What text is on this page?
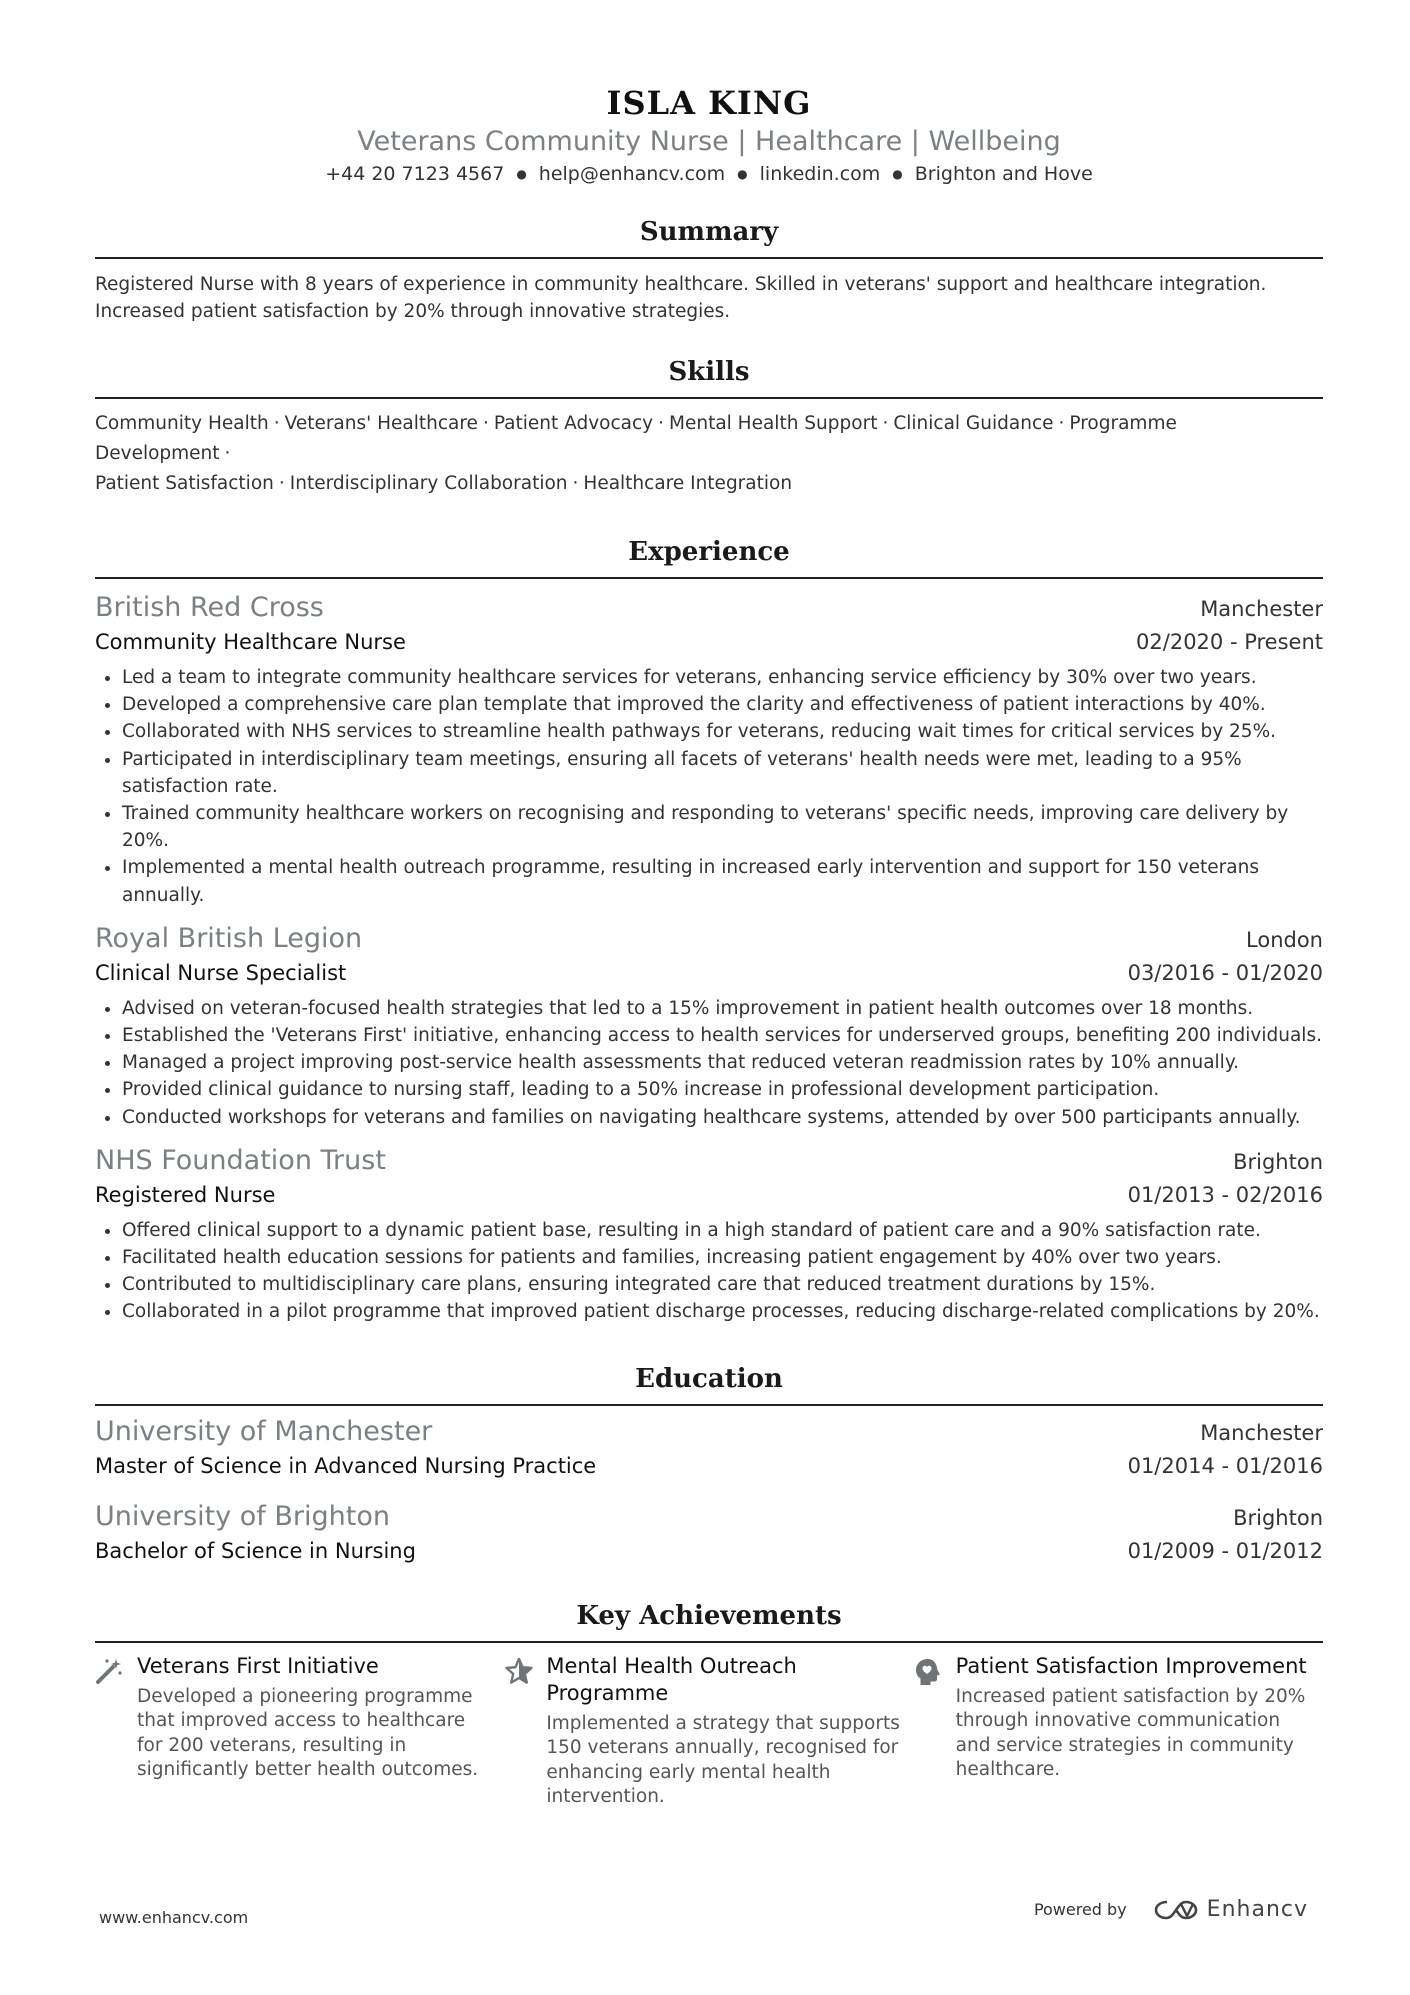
ISLA KING
Veterans Community Nurse | Healthcare | Wellbeing
+44 20 7123 4567 ● help@enhancv.com ● linkedin.com ● Brighton and Hove
Summary
Registered Nurse with 8 years of experience in community healthcare. Skilled in veterans' support and healthcare integration. Increased patient satisfaction by 20% through innovative strategies.
Skills
Community Health · Veterans' Healthcare · Patient Advocacy · Mental Health Support · Clinical Guidance · Programme Development ·
Patient Satisfaction · Interdisciplinary Collaboration · Healthcare Integration
Experience
British Red Cross	Manchester
Community Healthcare Nurse	02/2020 - Present
• Led a team to integrate community healthcare services for veterans, enhancing service efficiency by 30% over two years.
• Developed a comprehensive care plan template that improved the clarity and effectiveness of patient interactions by 40%.
• Collaborated with NHS services to streamline health pathways for veterans, reducing wait times for critical services by 25%.
• Participated in interdisciplinary team meetings, ensuring all facets of veterans' health needs were met, leading to a 95% satisfaction rate.
• Trained community healthcare workers on recognising and responding to veterans' specific needs, improving care delivery by 20%.
• Implemented a mental health outreach programme, resulting in increased early intervention and support for 150 veterans annually.
Royal British Legion	London
Clinical Nurse Specialist	03/2016 - 01/2020
• Advised on veteran-focused health strategies that led to a 15% improvement in patient health outcomes over 18 months.
• Established the 'Veterans First' initiative, enhancing access to health services for underserved groups, benefiting 200 individuals.
• Managed a project improving post-service health assessments that reduced veteran readmission rates by 10% annually.
• Provided clinical guidance to nursing staff, leading to a 50% increase in professional development participation.
• Conducted workshops for veterans and families on navigating healthcare systems, attended by over 500 participants annually.
NHS Foundation Trust	Brighton
Registered Nurse	01/2013 - 02/2016
• Offered clinical support to a dynamic patient base, resulting in a high standard of patient care and a 90% satisfaction rate.
• Facilitated health education sessions for patients and families, increasing patient engagement by 40% over two years.
• Contributed to multidisciplinary care plans, ensuring integrated care that reduced treatment durations by 15%.
• Collaborated in a pilot programme that improved patient discharge processes, reducing discharge-related complications by 20%.
Education
University of Manchester	Manchester
Master of Science in Advanced Nursing Practice	01/2014 - 01/2016
University of Brighton	Brighton
Bachelor of Science in Nursing	01/2009 - 01/2012
Key Achievements
Veterans First Initiative
Developed a pioneering programme that improved access to healthcare for 200 veterans, resulting in significantly better health outcomes.
Mental Health Outreach Programme
Implemented a strategy that supports 150 veterans annually, recognised for enhancing early mental health intervention.
Patient Satisfaction Improvement
Increased patient satisfaction by 20% through innovative communication and service strategies in community healthcare.
www.enhancv.com	Powered by	Enhancv
